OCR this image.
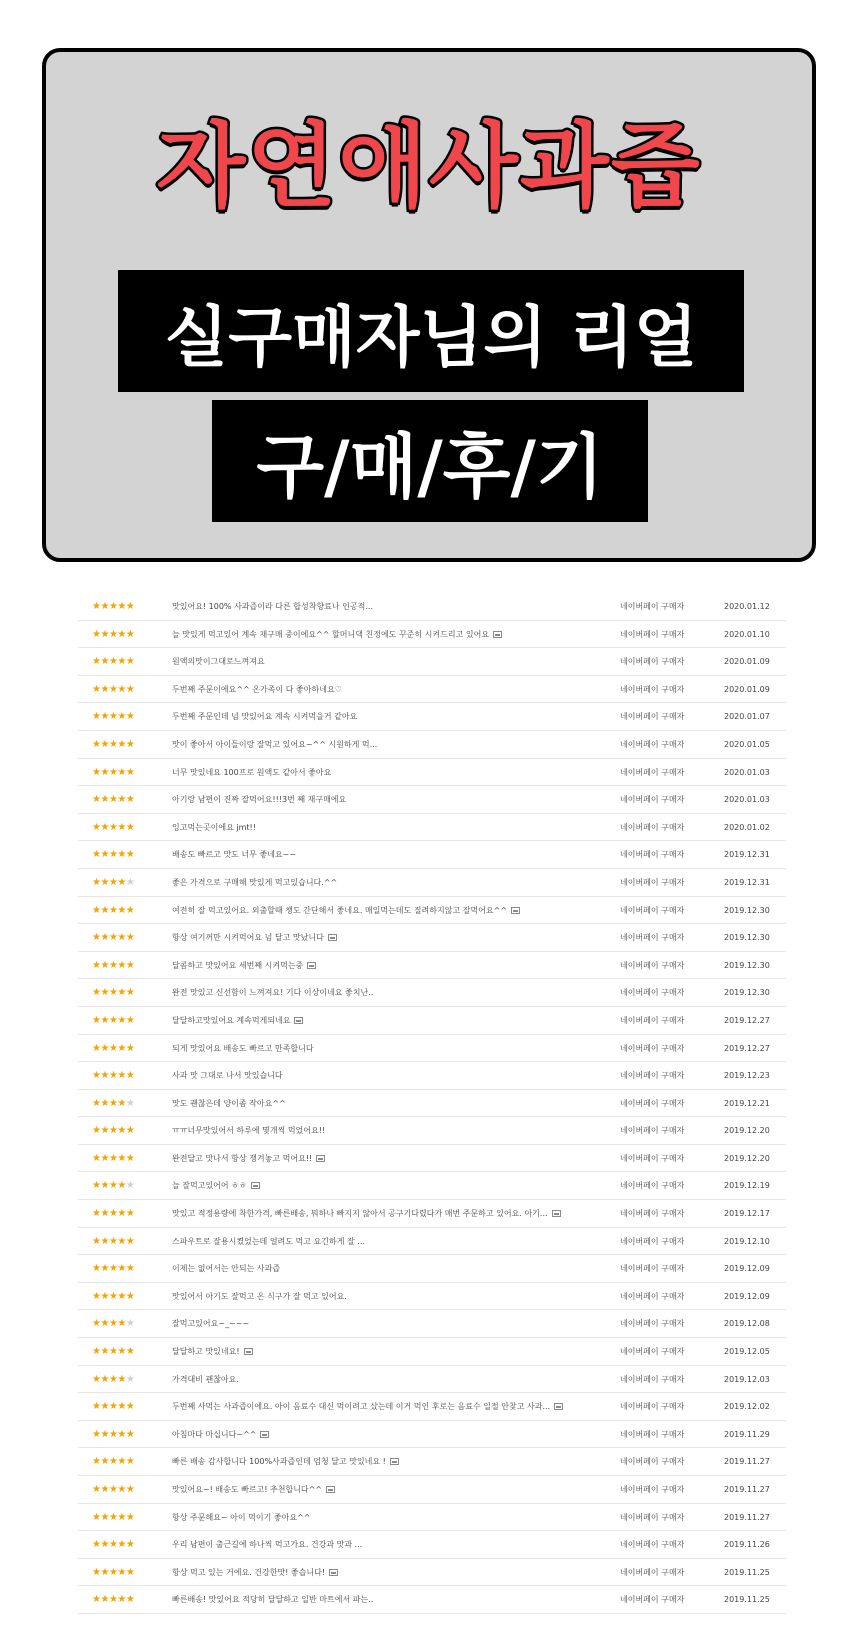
자연애사과즙
실구매자님의 리얼
구/매/후/기
★★★★★	맛있어요! 100% 사과즙이라 다른 합성착향료나 인공적...	네이버페이 구매자	2020.01.12
★★★★★	늘 맛있게 먹고있어 계속 재구매 중이에요^^ 할머니댁 친정에도 꾸준히 시켜드리고 있어요	네이버페이 구매자	2020.01.10
★★★★★	원액의맛이그대로느껴져요	네이버페이 구매자	2020.01.09
★★★★★	두번째 주문이에요^^ 온가족이 다 좋아하네요♡	네이버페이 구매자	2020.01.09
★★★★★	두번째 주문인데 넘 맛있어요 계속 시켜먹을거 같아요	네이버페이 구매자	2020.01.07
★★★★★	맛이 좋아서 아이들이랑 잘먹고 있어요~^^ 시원하게 먹...	네이버페이 구매자	2020.01.05
★★★★★	너무 맛있네요 100프로 원액도 같아서 좋아요	네이버페이 구매자	2020.01.03
★★★★★	아기랑 남편이 진짜 잘먹어요!!!3번 째 재구매에요	네이버페이 구매자	2020.01.03
★★★★★	잉고먹는곳이에요 jmt!!	네이버페이 구매자	2020.01.02
★★★★★	배송도 빠르고 맛도 너무 좋네요~~	네이버페이 구매자	2019.12.31
★★★★★	좋은 가격으로 구매해 맛있게 먹고있습니다.^^	네이버페이 구매자	2019.12.31
★★★★★	여전히 잘 먹고있어요. 외출할때 챙도 간단해서 좋네요. 매일먹는데도 질려하지않고 잘먹어요^^	네이버페이 구매자	2019.12.30
★★★★★	항상 여기꺼만 시켜먹어요 넘 달고 맛났니다	네이버페이 구매자	2019.12.30
★★★★★	달콤하고 맛있어요 세번째 시켜먹는중	네이버페이 구매자	2019.12.30
★★★★★	완전 맛있고 신선함이 느껴져요! 기다 이상이네요 좋치난..	네이버페이 구매자	2019.12.30
★★★★★	달달하고맛있어요 계속먹게되네요	네이버페이 구매자	2019.12.27
★★★★★	되게 맛있어요 배송도 빠르고 만족합니다	네이버페이 구매자	2019.12.27
★★★★★	사과 맛 그대로 나서 맛있습니다	네이버페이 구매자	2019.12.23
★★★★★	맛도 괜찮은데 양이좀 작아요^^	네이버페이 구매자	2019.12.21
★★★★★	ㅠㅠ너무맛있어서 하루에 몇개씩 먹었어요!!	네이버페이 구매자	2019.12.20
★★★★★	완전달고 맛나서 항상 쟁겨놓고 먹어요!!	네이버페이 구매자	2019.12.20
★★★★★	늘 잘먹고있어어 ㅎㅎ	네이버페이 구매자	2019.12.19
★★★★★	맛있고 적정용량에 착한가격, 빠른배송, 뭐하나 빠지지 않아서 공구기다렸다가 매번 주문하고 있어요. 아기...	네이버페이 구매자	2019.12.17
★★★★★	스파우트로 잘용시켰었는데 얼려도 먹고 요긴하게 잘 ...	네이버페이 구매자	2019.12.10
★★★★★	이제는 없어서는 안되는 사과즙	네이버페이 구매자	2019.12.09
★★★★★	맛있어서 아기도 잘먹고 온 식구가 잘 먹고 있어요.	네이버페이 구매자	2019.12.09
★★★★★	잘먹고있어요~_~~~	네이버페이 구매자	2019.12.08
★★★★★	달달하고 맛있네요!	네이버페이 구매자	2019.12.05
★★★★★	가격대비 괜찮아요.	네이버페이 구매자	2019.12.03
★★★★★	두번째 사먹는 사과즙이에요. 아이 음료수 대신 먹이려고 샀는데 이거 먹인 후로는 음료수 일절 안찾고 사과...	네이버페이 구매자	2019.12.02
★★★★★	아침마다 마십니다~^^	네이버페이 구매자	2019.11.29
★★★★★	빠른 배송 감사합니다 100%사과즙인데 엄청 달고 맛있네요 !	네이버페이 구매자	2019.11.27
★★★★★	맛있어요~! 배송도 빠르고! 추천합니다^^	네이버페이 구매자	2019.11.27
★★★★★	항상 주문해요~ 아이 먹이기 좋아요^^	네이버페이 구매자	2019.11.27
★★★★★	우리 남편이 출근길에 하나씩 먹고가요. 건강과 맛과 ...	네이버페이 구매자	2019.11.26
★★★★★	항상 먹고 있는 거에요. 건강한맛! 좋습니다!	네이버페이 구매자	2019.11.25
★★★★★	빠른배송! 맛있어요 적당히 달달하고 일반 마트에서 파는..	네이버페이 구매자	2019.11.25
